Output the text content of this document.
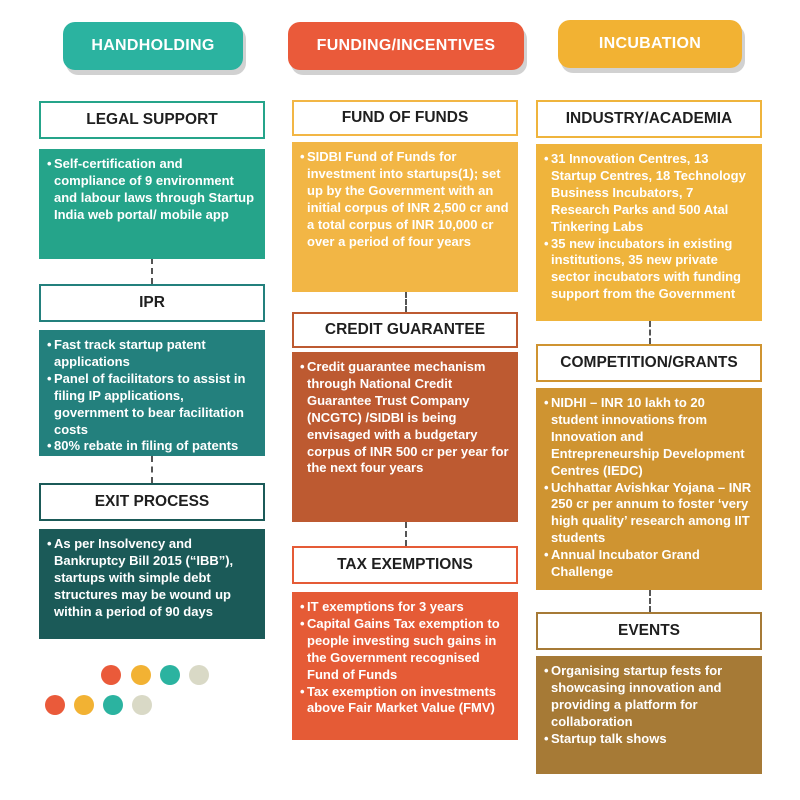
HANDHOLDING	FUNDING/INCENTIVES	INCUBATION
LEGAL SUPPORT
• Self-certification and compliance of 9 environment and labour laws through Startup India web portal/ mobile app
IPR
• Fast track startup patent applications
• Panel of facilitators to assist in filing IP applications, government to bear facilitation costs
• 80% rebate in filing of patents
EXIT PROCESS
• As per Insolvency and Bankruptcy Bill 2015 (“IBB”), startups with simple debt structures may be wound up within a period of 90 days
FUND OF FUNDS
• SIDBI Fund of Funds for investment into startups(1); set up by the Government with an initial corpus of INR 2,500 cr and a total corpus of INR 10,000 cr over a period of four years
CREDIT GUARANTEE
• Credit guarantee mechanism through National Credit Guarantee Trust Company (NCGTC) /SIDBI is being envisaged with a budgetary corpus of INR 500 cr per year for the next four years
TAX EXEMPTIONS
• IT exemptions for 3 years
• Capital Gains Tax exemption to people investing such gains in the Government recognised Fund of Funds
• Tax exemption on investments above Fair Market Value (FMV)
INDUSTRY/ACADEMIA
• 31 Innovation Centres, 13 Startup Centres, 18 Technology Business Incubators, 7 Research Parks and 500 Atal Tinkering Labs
• 35 new incubators in existing institutions, 35 new private sector incubators with funding support from the Government
COMPETITION/GRANTS
• NIDHI – INR 10 lakh to 20 student innovations from Innovation and Entrepreneurship Development Centres (IEDC)
• Uchhattar Avishkar Yojana – INR 250 cr per annum to foster ‘very high quality’ research among IIT students
• Annual Incubator Grand Challenge
EVENTS
• Organising startup fests for showcasing innovation and providing a platform for collaboration
• Startup talk shows
